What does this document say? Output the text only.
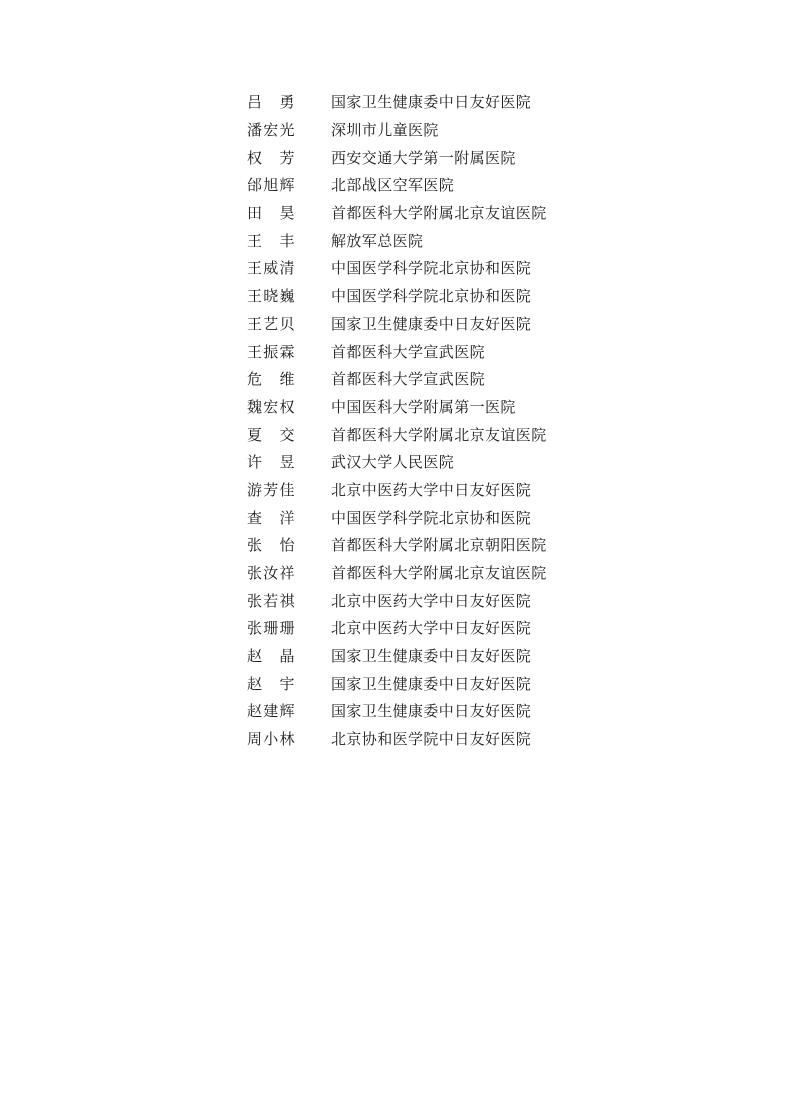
吕　勇 国家卫生健康委中日友好医院
潘宏光 深圳市儿童医院
权　芳 西安交通大学第一附属医院
邰旭辉 北部战区空军医院
田　昊 首都医科大学附属北京友谊医院
王　丰 解放军总医院
王威清 中国医学科学院北京协和医院
王晓巍 中国医学科学院北京协和医院
王艺贝 国家卫生健康委中日友好医院
王振霖 首都医科大学宣武医院
危　维 首都医科大学宣武医院
魏宏权 中国医科大学附属第一医院
夏　交 首都医科大学附属北京友谊医院
许　昱 武汉大学人民医院
游芳佳 北京中医药大学中日友好医院
查　洋 中国医学科学院北京协和医院
张　怡 首都医科大学附属北京朝阳医院
张汝祥 首都医科大学附属北京友谊医院
张若祺 北京中医药大学中日友好医院
张珊珊 北京中医药大学中日友好医院
赵　晶 国家卫生健康委中日友好医院
赵　宇 国家卫生健康委中日友好医院
赵建辉 国家卫生健康委中日友好医院
周小林 北京协和医学院中日友好医院
